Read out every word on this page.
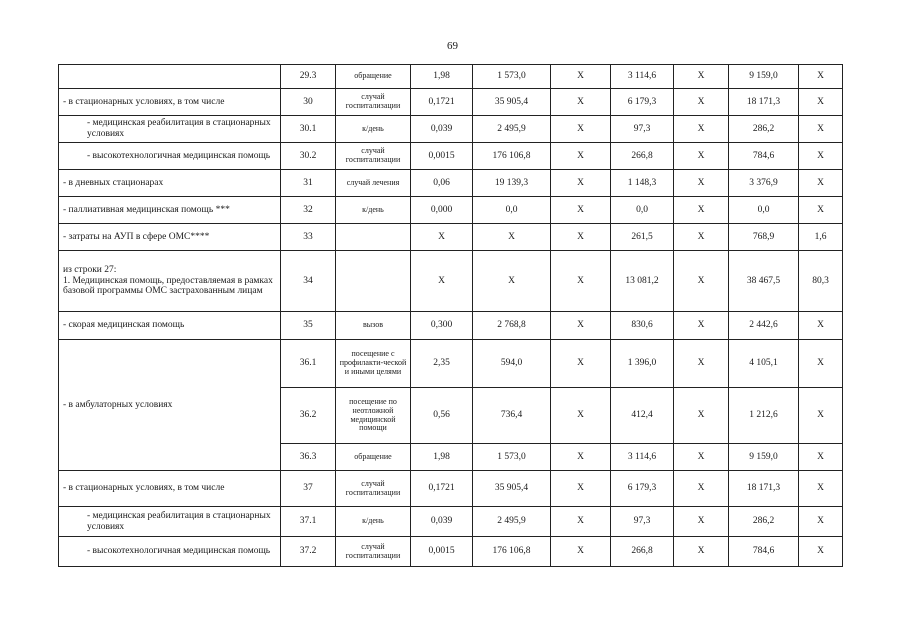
69
	29.3	обращение	1,98	1 573,0	Х	3 114,6	Х	9 159,0	Х
- в стационарных условиях, в том числе	30	случай госпитализации	0,1721	35 905,4	Х	6 179,3	Х	18 171,3	Х
- медицинская реабилитация в стационарных условиях	30.1	к/день	0,039	2 495,9	Х	97,3	Х	286,2	Х
- высокотехнологичная медицинская помощь	30.2	случай госпитализации	0,0015	176 106,8	Х	266,8	Х	784,6	Х
- в дневных стационарах	31	случай лечения	0,06	19 139,3	Х	1 148,3	Х	3 376,9	Х
- паллиативная медицинская помощь ***	32	к/день	0,000	0,0	Х	0,0	Х	0,0	Х
- затраты на АУП в сфере ОМС****	33		Х	Х	Х	261,5	Х	768,9	1,6

из строки 27:
1. Медицинская помощь, предоставляемая в рамках базовой программы ОМС застрахованным лицам	34		Х	Х	Х	13 081,2	Х	38 467,5	80,3
- скорая медицинская помощь	35	вызов	0,300	2 768,8	Х	830,6	Х	2 442,6	Х
- в амбулаторных условиях	36.1	посещение с профилакти-ческой и иными целями	2,35	594,0	Х	1 396,0	Х	4 105,1	Х
	36.2	посещение по неотложной медицинской помощи	0,56	736,4	Х	412,4	Х	1 212,6	Х
	36.3	обращение	1,98	1 573,0	Х	3 114,6	Х	9 159,0	Х
- в стационарных условиях, в том числе	37	случай госпитализации	0,1721	35 905,4	Х	6 179,3	Х	18 171,3	Х
- медицинская реабилитация в стационарных условиях	37.1	к/день	0,039	2 495,9	Х	97,3	Х	286,2	Х
- высокотехнологичная медицинская помощь	37.2	случай госпитализации	0,0015	176 106,8	Х	266,8	Х	784,6	Х
